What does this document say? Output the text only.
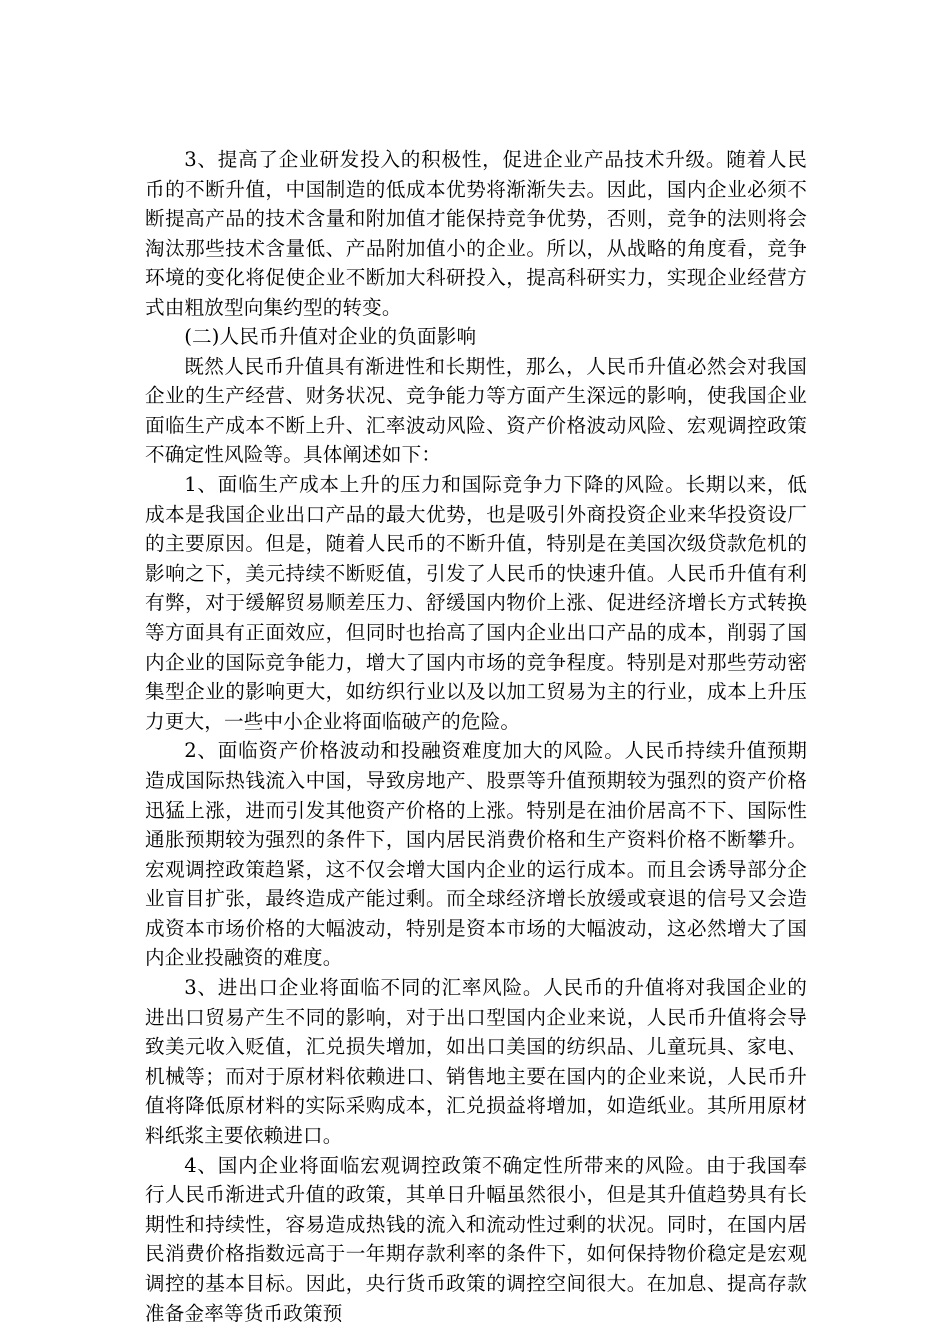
3、提高了企业研发投入的积极性，促进企业产品技术升级。随着人民币的不断升值，中国制造的低成本优势将渐渐失去。因此，国内企业必须不断提高产品的技术含量和附加值才能保持竞争优势，否则，竞争的法则将会淘汰那些技术含量低、产品附加值小的企业。所以，从战略的角度看，竞争环境的变化将促使企业不断加大科研投入，提高科研实力，实现企业经营方式由粗放型向集约型的转变。

(二)人民币升值对企业的负面影响

既然人民币升值具有渐进性和长期性，那么，人民币升值必然会对我国企业的生产经营、财务状况、竞争能力等方面产生深远的影响，使我国企业面临生产成本不断上升、汇率波动风险、资产价格波动风险、宏观调控政策不确定性风险等。具体阐述如下：

1、面临生产成本上升的压力和国际竞争力下降的风险。长期以来，低成本是我国企业出口产品的最大优势，也是吸引外商投资企业来华投资设厂的主要原因。但是，随着人民币的不断升值，特别是在美国次级贷款危机的影响之下，美元持续不断贬值，引发了人民币的快速升值。人民币升值有利有弊，对于缓解贸易顺差压力、舒缓国内物价上涨、促进经济增长方式转换等方面具有正面效应，但同时也抬高了国内企业出口产品的成本，削弱了国内企业的国际竞争能力，增大了国内市场的竞争程度。特别是对那些劳动密集型企业的影响更大，如纺织行业以及以加工贸易为主的行业，成本上升压力更大，一些中小企业将面临破产的危险。

2、面临资产价格波动和投融资难度加大的风险。人民币持续升值预期造成国际热钱流入中国，导致房地产、股票等升值预期较为强烈的资产价格迅猛上涨，进而引发其他资产价格的上涨。特别是在油价居高不下、国际性通胀预期较为强烈的条件下，国内居民消费价格和生产资料价格不断攀升。宏观调控政策趋紧，这不仅会增大国内企业的运行成本。而且会诱导部分企业盲目扩张，最终造成产能过剩。而全球经济增长放缓或衰退的信号又会造成资本市场价格的大幅波动，特别是资本市场的大幅波动，这必然增大了国内企业投融资的难度。

3、进出口企业将面临不同的汇率风险。人民币的升值将对我国企业的进出口贸易产生不同的影响，对于出口型国内企业来说，人民币升值将会导致美元收入贬值，汇兑损失增加，如出口美国的纺织品、儿童玩具、家电、机械等；而对于原材料依赖进口、销售地主要在国内的企业来说，人民币升值将降低原材料的实际采购成本，汇兑损益将增加，如造纸业。其所用原材料纸浆主要依赖进口。

4、国内企业将面临宏观调控政策不确定性所带来的风险。由于我国奉行人民币渐进式升值的政策，其单日升幅虽然很小，但是其升值趋势具有长期性和持续性，容易造成热钱的流入和流动性过剩的状况。同时，在国内居民消费价格指数远高于一年期存款利率的条件下，如何保持物价稳定是宏观调控的基本目标。因此，央行货币政策的调控空间很大。在加息、提高存款准备金率等货币政策预
